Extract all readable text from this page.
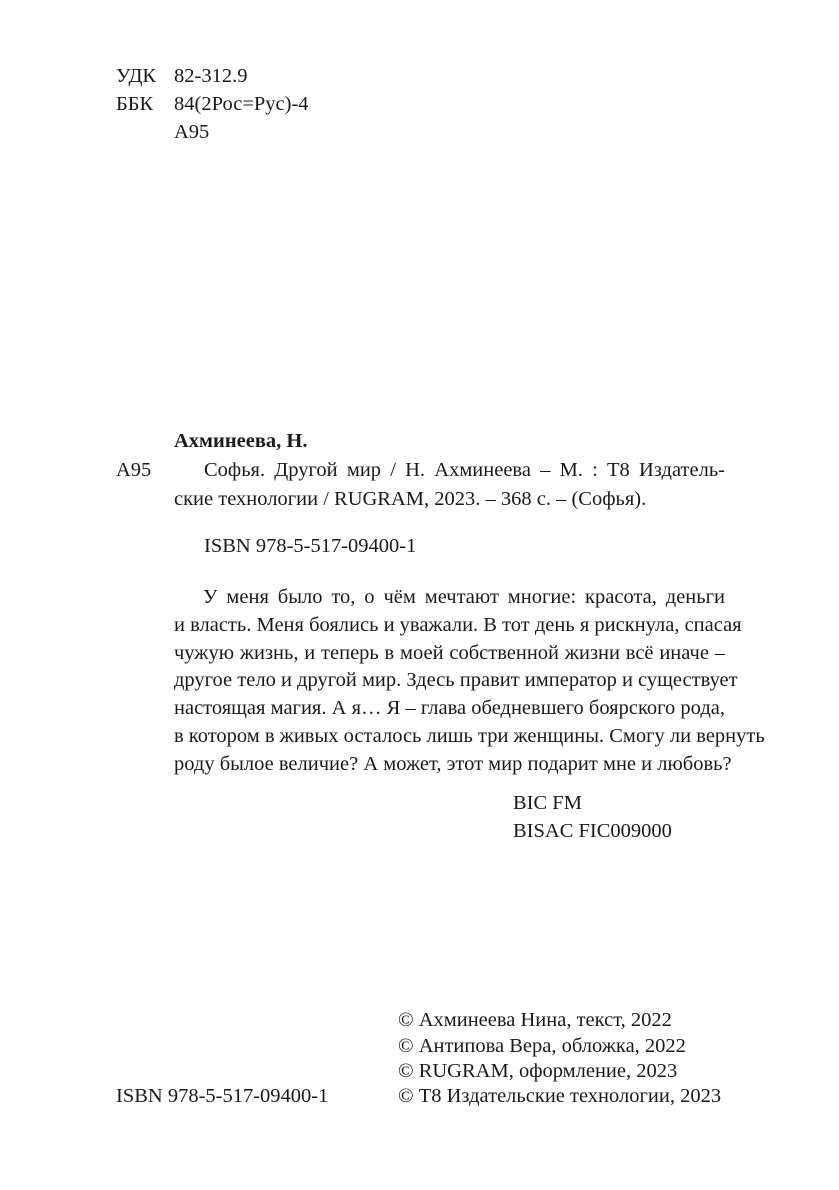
УДК 82-312.9
ББК 84(2Рос=Рус)-4
А95
Ахминеева, Н.
А95	Софья. Другой мир / Н. Ахминеева – М. : Т8 Издатель-
ские технологии / RUGRAM, 2023. – 368 с. – (Софья).
ISBN 978-5-517-09400-1
У меня было то, о чём мечтают многие: красота, деньги
и власть. Меня боялись и уважали. В тот день я рискнула, спасая
чужую жизнь, и теперь в моей собственной жизни всё иначе –
другое тело и другой мир. Здесь правит император и существует
настоящая магия. А я… Я – глава обедневшего боярского рода,
в котором в живых осталось лишь три женщины. Смогу ли вернуть
роду былое величие? А может, этот мир подарит мне и любовь?
BIC FM
BISAC FIC009000
ISBN 978-5-517-09400-1
© Ахминеева Нина, текст, 2022
© Антипова Вера, обложка, 2022
© RUGRAM, оформление, 2023
© Т8 Издательские технологии, 2023
